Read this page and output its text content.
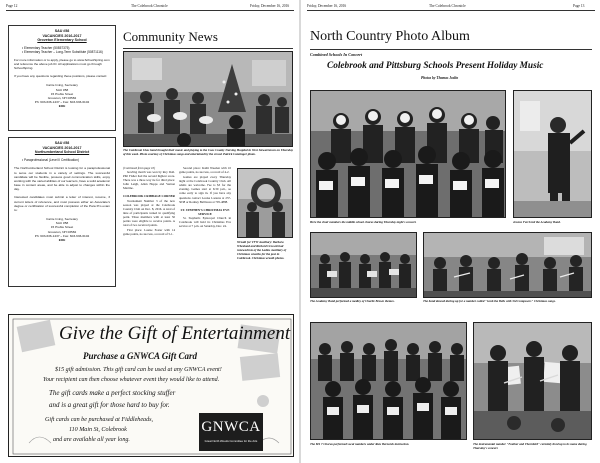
Page 12	The Colebrook Chronicle	Friday, December 16, 2016
SAU #58
VACANCIES 2016-2017
Groveton Elementary School
• Elementary Teacher (50857375)
• Elementary Teacher – Long-Term Substitute (50871116)
For more information or to apply, please go to www.SchoolSpring.com and reference the above job ID. All applications must go through SchoolSpring.
If you have any questions regarding these positions, please contact:
Carrie Irving, Secretary
SAU #58
15 Preble Street
Groveton, NH 03582
Ph: 603-636-1437 ~ Fax: 603-636-6102
EOE
SAU #58
VACANCIES 2016-2017
Northumberland School District
• Paraprofessional (Level II Certification)
The Northumberland School District is looking for a paraprofessional to serve our students in a variety of settings. The successful candidate will be flexible, possess good communication skills, enjoy working with the varied abilities of our learners, have a solid academic base in content areas, and be able to adjust to changes within the day.
Interested candidates must submit a letter of interest, resume, 3 current letters of reference, and must possess either an Associate's degree or certification of successful completion of the Para Pro exam to:
Carrie Irving, Secretary
SAU #58
15 Preble Street
Groveton, NH 03582
Ph: 603-636-1437 ~ Fax: 603-636-6102
EOE
Community News
The Colebrook Ukes band brought their music and playing to the Coos County Nursing Hospital in West Stewartstown on Thursday of this week. Photo courtesy of Christmas songs and entertained by the crowd. Patrick Canninger photo.
(Continued from page 10)
bowling match was won by Roy Doll. Phil Fisher had the second highest score. There was a three way tie for third place: John Leigh, Allen Hopps and Vernon Martine.
COLEBROOK CRIBBAGE CORNER
Tournament Number 3 of the new season was played at the Colebrook Country Club on Dec. 8, 2016. A total of nine of participants turned in qualifying point. Three members with at least 50 points were eligible to receive points. A total of two received points.
First place: Louise Foster with 14 game points, no success, a record of 5-1.
Second place: Kathi Weeden with 10 game points, no success, a record of 4-2.
Games are played every Thursday night at the Colebrook Country Club. All adults are welcome. Fee is $3 for the evening. Games start at 6:30 p.m., so come early to sign in. If you have any questions contact Louise Lazarus at 237-5038 or Rodney Belliveau at 705-4888.
ST. STEPHEN'S CHRISTMAS EVE SERVICE
St. Stephen's Episcopal Church in Colebrook will hold its Christmas Eve service at 7 p.m. on Saturday, Dec. 24.
Wreath for VFW Auxiliary: Barbara Wheeland and Richard Crossett had renewed lots of the Ladies Auxiliary of Christmas wreaths for the post in Colebrook. Christmas wreath photos.
Give the Gift of Entertainment
Purchase a GNWCA Gift Card
$15 gift admission. This gift card can be used at any GNWCA event!
Your recipient can then choose whatever event they would like to attend.
The gift cards make a perfect stocking stuffer
and is a great gift for those hard to buy for.
Gift cards can be purchased at Fiddleheads,
110 Main St, Colebrook
and are available all year long.
GNWCA
Great North Woods Committee for the Arts
Friday, December 16, 2016	The Colebrook Chronicle	Page 13
North Country Photo Album
Combined Schools In Concert
Colebrook and Pittsburg Schools Present Holiday Music
Photos by Thomas Joslin
Here the choir members the middle school chorus during Thursday night's concert.	Jessica Ferch led the Academy Band.
The Academy Band performed a medley of Charlie Brown themes.	The band danced during up for a number called "Grab the Bells with 3rd Composers" Christmas songs.
The MS 7 Chorus performed vocal numbers under Ruts Bernards instruction.	The instrumental number "Feather and Thornbird" certainly lived up to its name during Thursday's concert.
